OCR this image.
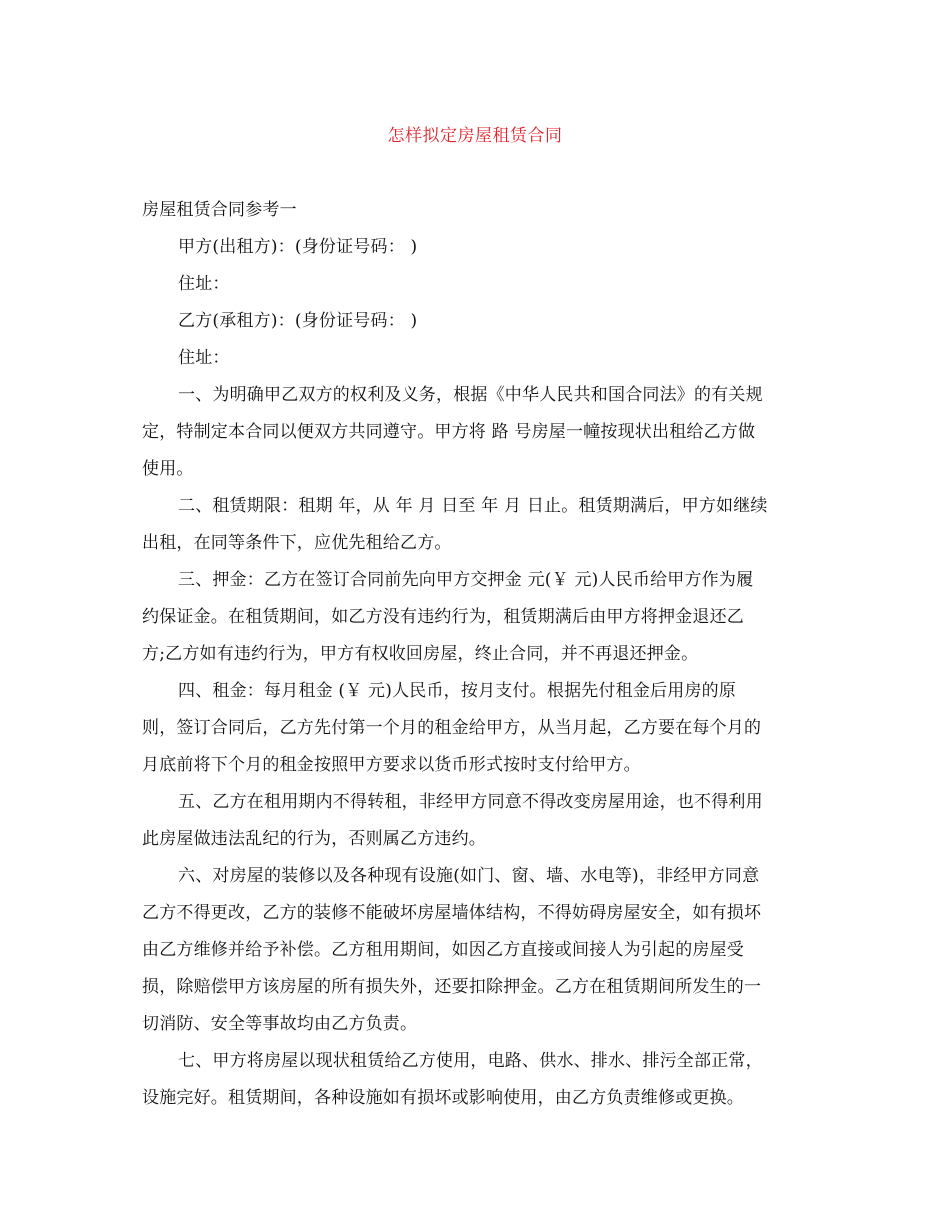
怎样拟定房屋租赁合同

房屋租赁合同参考一

甲方(出租方)：(身份证号码： )

住址：

乙方(承租方)：(身份证号码： )

住址：

一、为明确甲乙双方的权利及义务，根据《中华人民共和国合同法》的有关规

定，特制定本合同以便双方共同遵守。甲方将 路 号房屋一幢按现状出租给乙方做

使用。

二、租赁期限：租期 年，从 年 月 日至 年 月 日止。租赁期满后，甲方如继续

出租，在同等条件下，应优先租给乙方。

三、押金：乙方在签订合同前先向甲方交押金 元(￥ 元)人民币给甲方作为履

约保证金。在租赁期间，如乙方没有违约行为，租赁期满后由甲方将押金退还乙

方;乙方如有违约行为，甲方有权收回房屋，终止合同，并不再退还押金。

四、租金：每月租金 (￥ 元)人民币，按月支付。根据先付租金后用房的原

则，签订合同后，乙方先付第一个月的租金给甲方，从当月起，乙方要在每个月的

月底前将下个月的租金按照甲方要求以货币形式按时支付给甲方。

五、乙方在租用期内不得转租，非经甲方同意不得改变房屋用途，也不得利用

此房屋做违法乱纪的行为，否则属乙方违约。

六、对房屋的装修以及各种现有设施(如门、窗、墙、水电等)，非经甲方同意

乙方不得更改，乙方的装修不能破坏房屋墙体结构，不得妨碍房屋安全，如有损坏

由乙方维修并给予补偿。乙方租用期间，如因乙方直接或间接人为引起的房屋受

损，除赔偿甲方该房屋的所有损失外，还要扣除押金。乙方在租赁期间所发生的一

切消防、安全等事故均由乙方负责。

七、甲方将房屋以现状租赁给乙方使用，电路、供水、排水、排污全部正常，

设施完好。租赁期间，各种设施如有损坏或影响使用，由乙方负责维修或更换。
